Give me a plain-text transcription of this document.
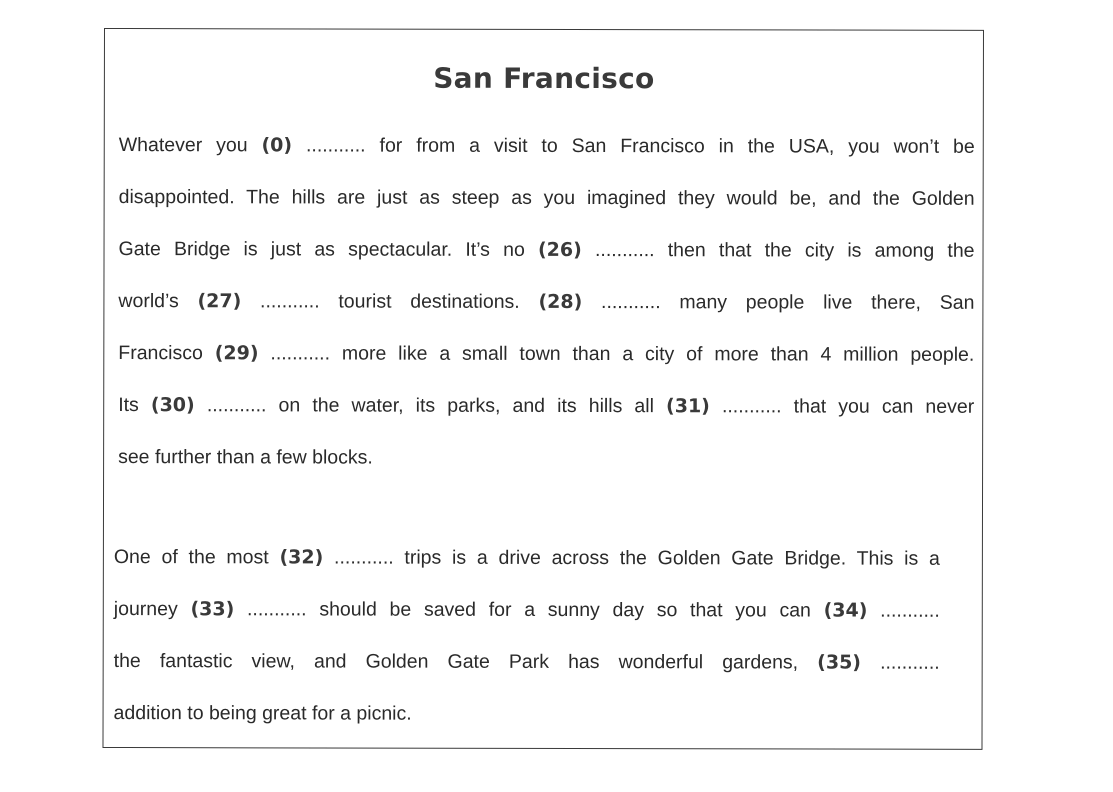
San Francisco
Whatever you (0) ........... for from a visit to San Francisco in the USA, you won’t be
disappointed. The hills are just as steep as you imagined they would be, and the Golden
Gate Bridge is just as spectacular. It’s no (26) ........... then that the city is among the
world’s (27) ........... tourist destinations. (28) ........... many people live there, San
Francisco (29) ........... more like a small town than a city of more than 4 million people.
Its (30) ........... on the water, its parks, and its hills all (31) ........... that you can never
see further than a few blocks.
One of the most (32) ........... trips is a drive across the Golden Gate Bridge. This is a
journey (33) ........... should be saved for a sunny day so that you can (34) ...........
the fantastic view, and Golden Gate Park has wonderful gardens, (35) ...........
addition to being great for a picnic.
